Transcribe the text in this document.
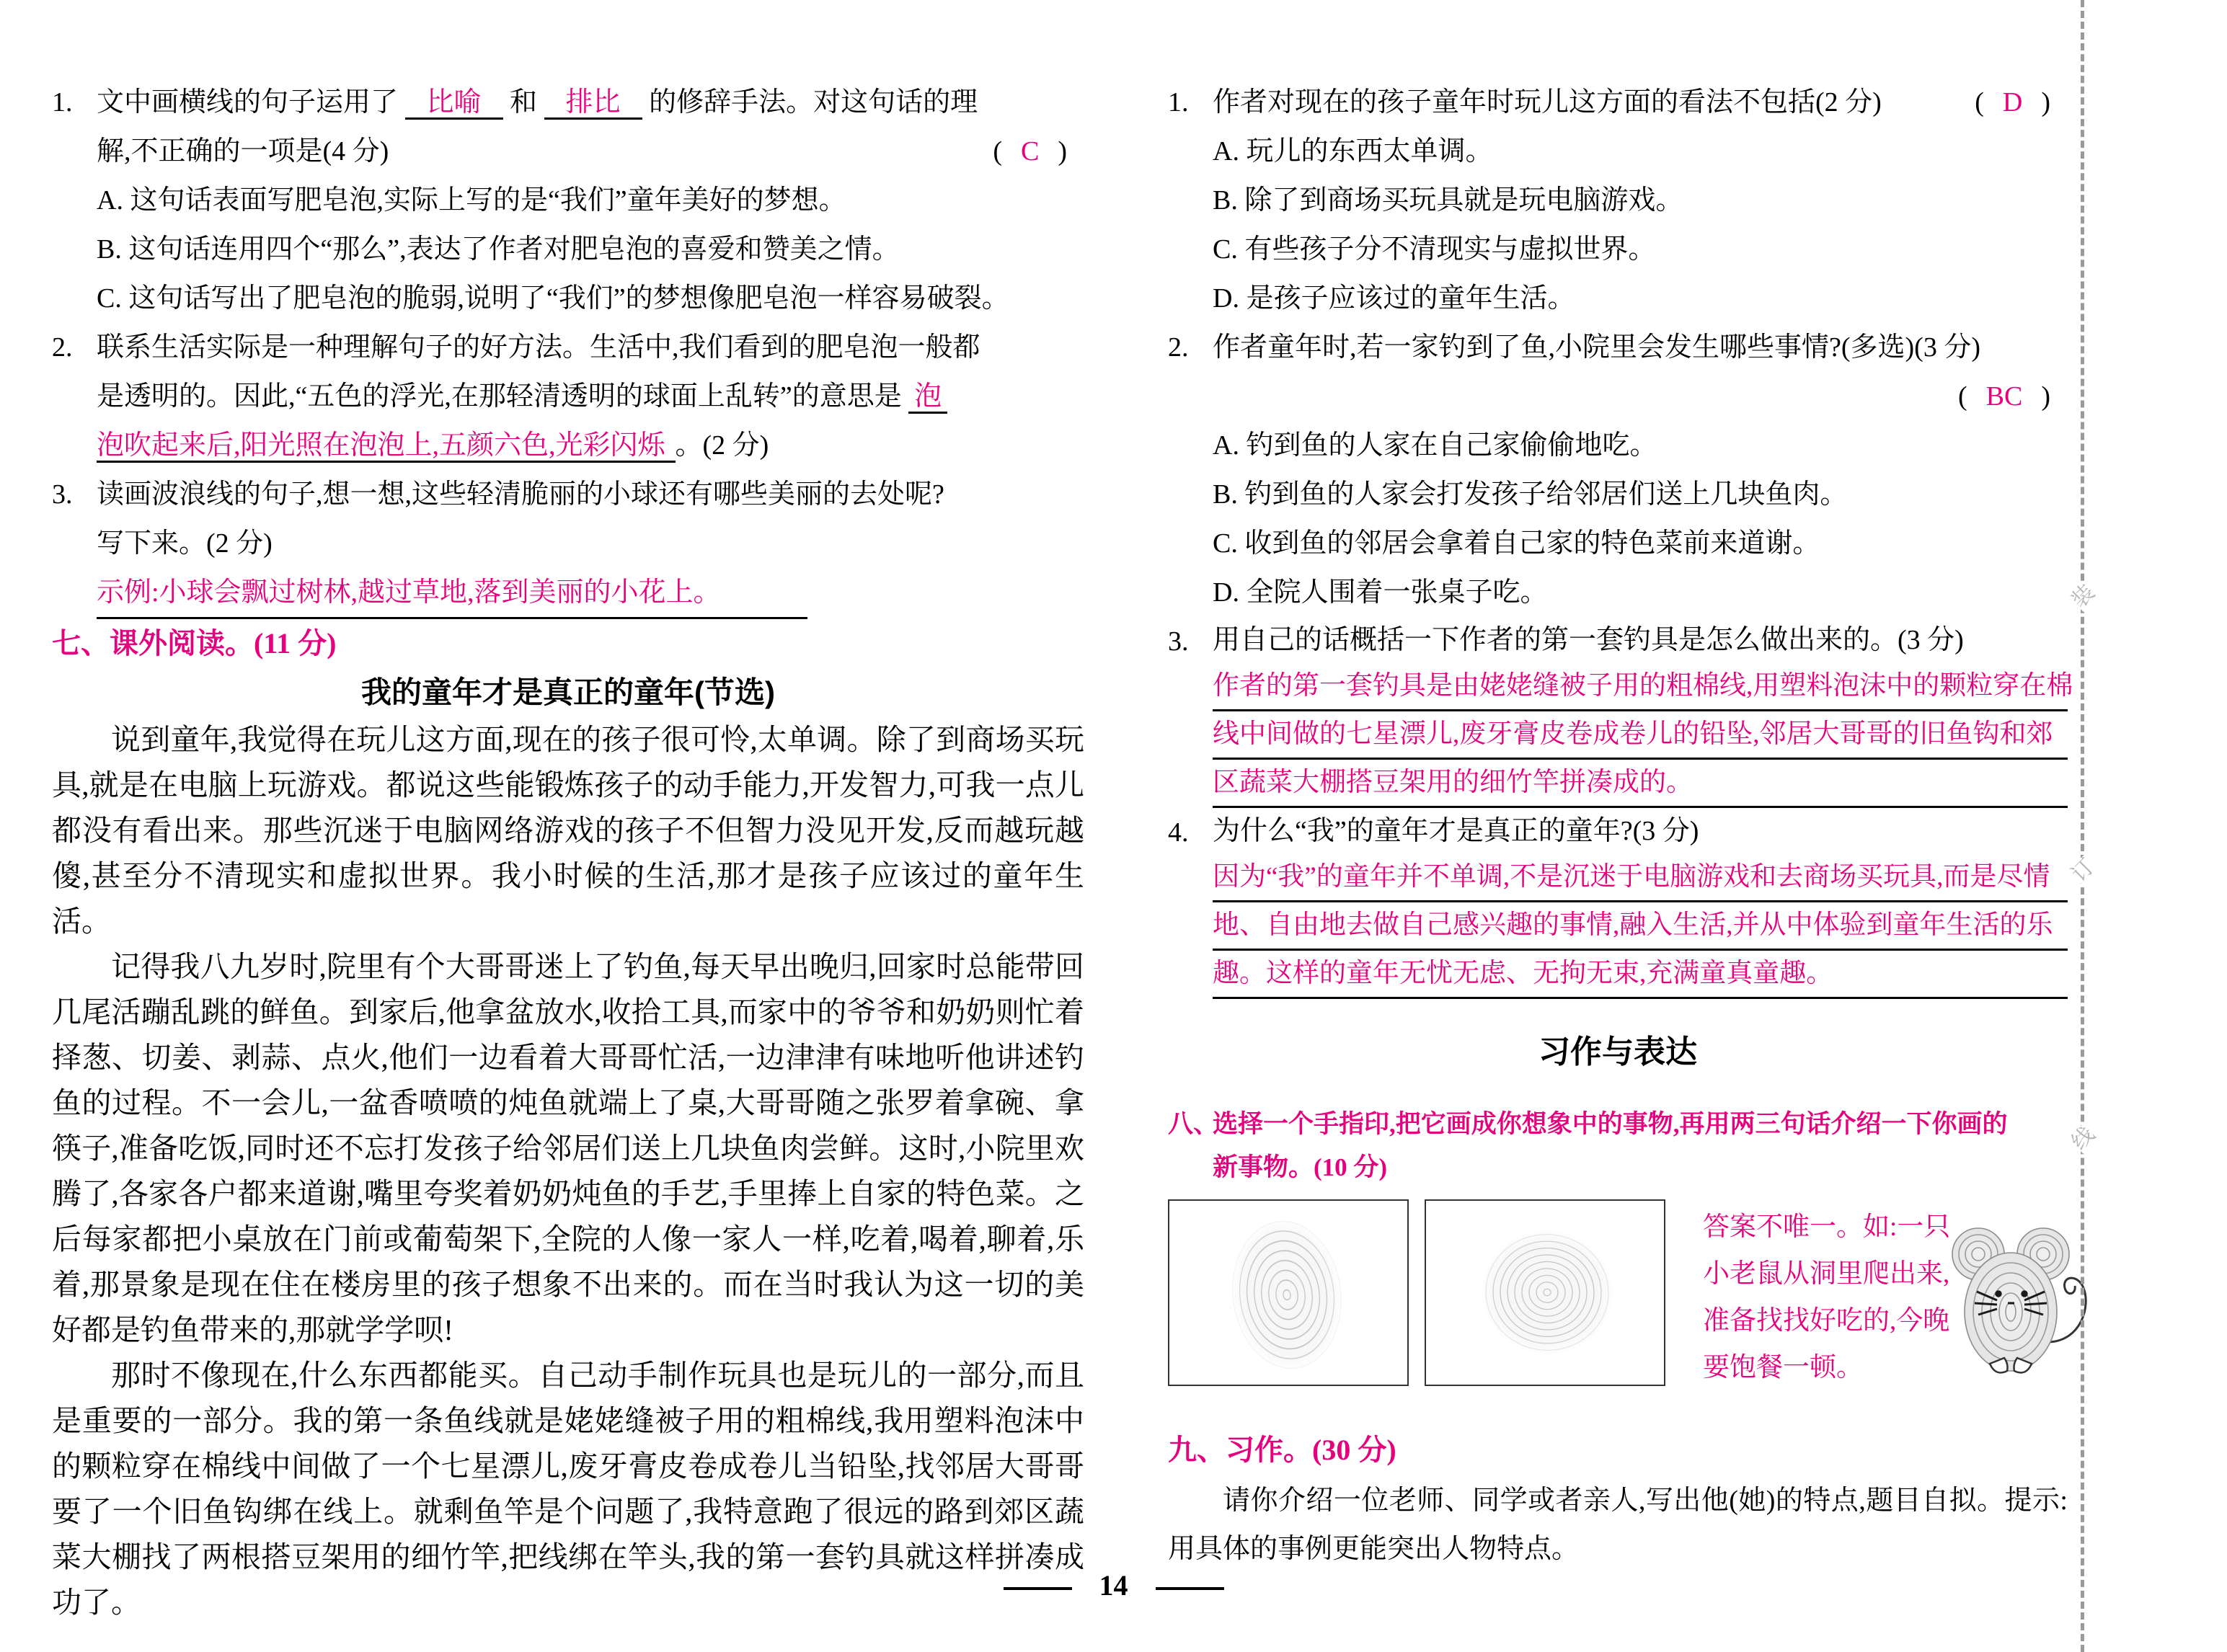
1. 文中画横线的句子运用了 比喻 和 排比 的修辞手法。对这句话的理
解,不正确的一项是(4 分)	( C )
A. 这句话表面写肥皂泡,实际上写的是“我们”童年美好的梦想。
B. 这句话连用四个“那么”,表达了作者对肥皂泡的喜爱和赞美之情。
C. 这句话写出了肥皂泡的脆弱,说明了“我们”的梦想像肥皂泡一样容易破裂。
2. 联系生活实际是一种理解句子的好方法。生活中,我们看到的肥皂泡一般都
是透明的。因此,“五色的浮光,在那轻清透明的球面上乱转”的意思是 泡
泡吹起来后,阳光照在泡泡上,五颜六色,光彩闪烁 。(2 分)
3. 读画波浪线的句子,想一想,这些轻清脆丽的小球还有哪些美丽的去处呢?
写下来。(2 分)
示例:小球会飘过树林,越过草地,落到美丽的小花上。
七、课外阅读。(11 分)
我的童年才是真正的童年(节选)

说到童年,我觉得在玩儿这方面,现在的孩子很可怜,太单调。除了到商场买玩具,就是在电脑上玩游戏。都说这些能锻炼孩子的动手能力,开发智力,可我一点儿都没有看出来。那些沉迷于电脑网络游戏的孩子不但智力没见开发,反而越玩越傻,甚至分不清现实和虚拟世界。我小时候的生活,那才是孩子应该过的童年生活。

记得我八九岁时,院里有个大哥哥迷上了钓鱼,每天早出晚归,回家时总能带回几尾活蹦乱跳的鲜鱼。到家后,他拿盆放水,收拾工具,而家中的爷爷和奶奶则忙着择葱、切姜、剥蒜、点火,他们一边看着大哥哥忙活,一边津津有味地听他讲述钓鱼的过程。不一会儿,一盆香喷喷的炖鱼就端上了桌,大哥哥随之张罗着拿碗、拿筷子,准备吃饭,同时还不忘打发孩子给邻居们送上几块鱼肉尝鲜。这时,小院里欢腾了,各家各户都来道谢,嘴里夸奖着奶奶炖鱼的手艺,手里捧上自家的特色菜。之后每家都把小桌放在门前或葡萄架下,全院的人像一家人一样,吃着,喝着,聊着,乐着,那景象是现在住在楼房里的孩子想象不出来的。而在当时我认为这一切的美好都是钓鱼带来的,那就学学呗!

那时不像现在,什么东西都能买。自己动手制作玩具也是玩儿的一部分,而且是重要的一部分。我的第一条鱼线就是姥姥缝被子用的粗棉线,我用塑料泡沫中的颗粒穿在棉线中间做了一个七星漂儿,废牙膏皮卷成卷儿当铅坠,找邻居大哥哥要了一个旧鱼钩绑在线上。就剩鱼竿是个问题了,我特意跑了很远的路到郊区蔬菜大棚找了两根搭豆架用的细竹竿,把线绑在竿头,我的第一套钓具就这样拼凑成功了。

1. 作者对现在的孩子童年时玩儿这方面的看法不包括(2 分)	( D )
A. 玩儿的东西太单调。
B. 除了到商场买玩具就是玩电脑游戏。
C. 有些孩子分不清现实与虚拟世界。
D. 是孩子应该过的童年生活。
2. 作者童年时,若一家钓到了鱼,小院里会发生哪些事情?(多选)(3 分)
( BC )
A. 钓到鱼的人家在自己家偷偷地吃。
B. 钓到鱼的人家会打发孩子给邻居们送上几块鱼肉。
C. 收到鱼的邻居会拿着自己家的特色菜前来道谢。
D. 全院人围着一张桌子吃。
3. 用自己的话概括一下作者的第一套钓具是怎么做出来的。(3 分)
作者的第一套钓具是由姥姥缝被子用的粗棉线,用塑料泡沫中的颗粒穿在棉
线中间做的七星漂儿,废牙膏皮卷成卷儿的铅坠,邻居大哥哥的旧鱼钩和郊
区蔬菜大棚搭豆架用的细竹竿拼凑成的。
4. 为什么“我”的童年才是真正的童年?(3 分)
因为“我”的童年并不单调,不是沉迷于电脑游戏和去商场买玩具,而是尽情
地、自由地去做自己感兴趣的事情,融入生活,并从中体验到童年生活的乐
趣。这样的童年无忧无虑、无拘无束,充满童真童趣。
习作与表达
八、
选择一个手指印,把它画成你想象中的事物,再用两三句话介绍一下你画的
新事物。(10 分)
答案不唯一。如:一只
小老鼠从洞里爬出来,
准备找找好吃的,今晚
要饱餐一顿。
九、习作。(30 分)

请你介绍一位老师、同学或者亲人,写出他(她)的特点,题目自拟。提示:用具体的事例更能突出人物特点。

装
订
线
14
